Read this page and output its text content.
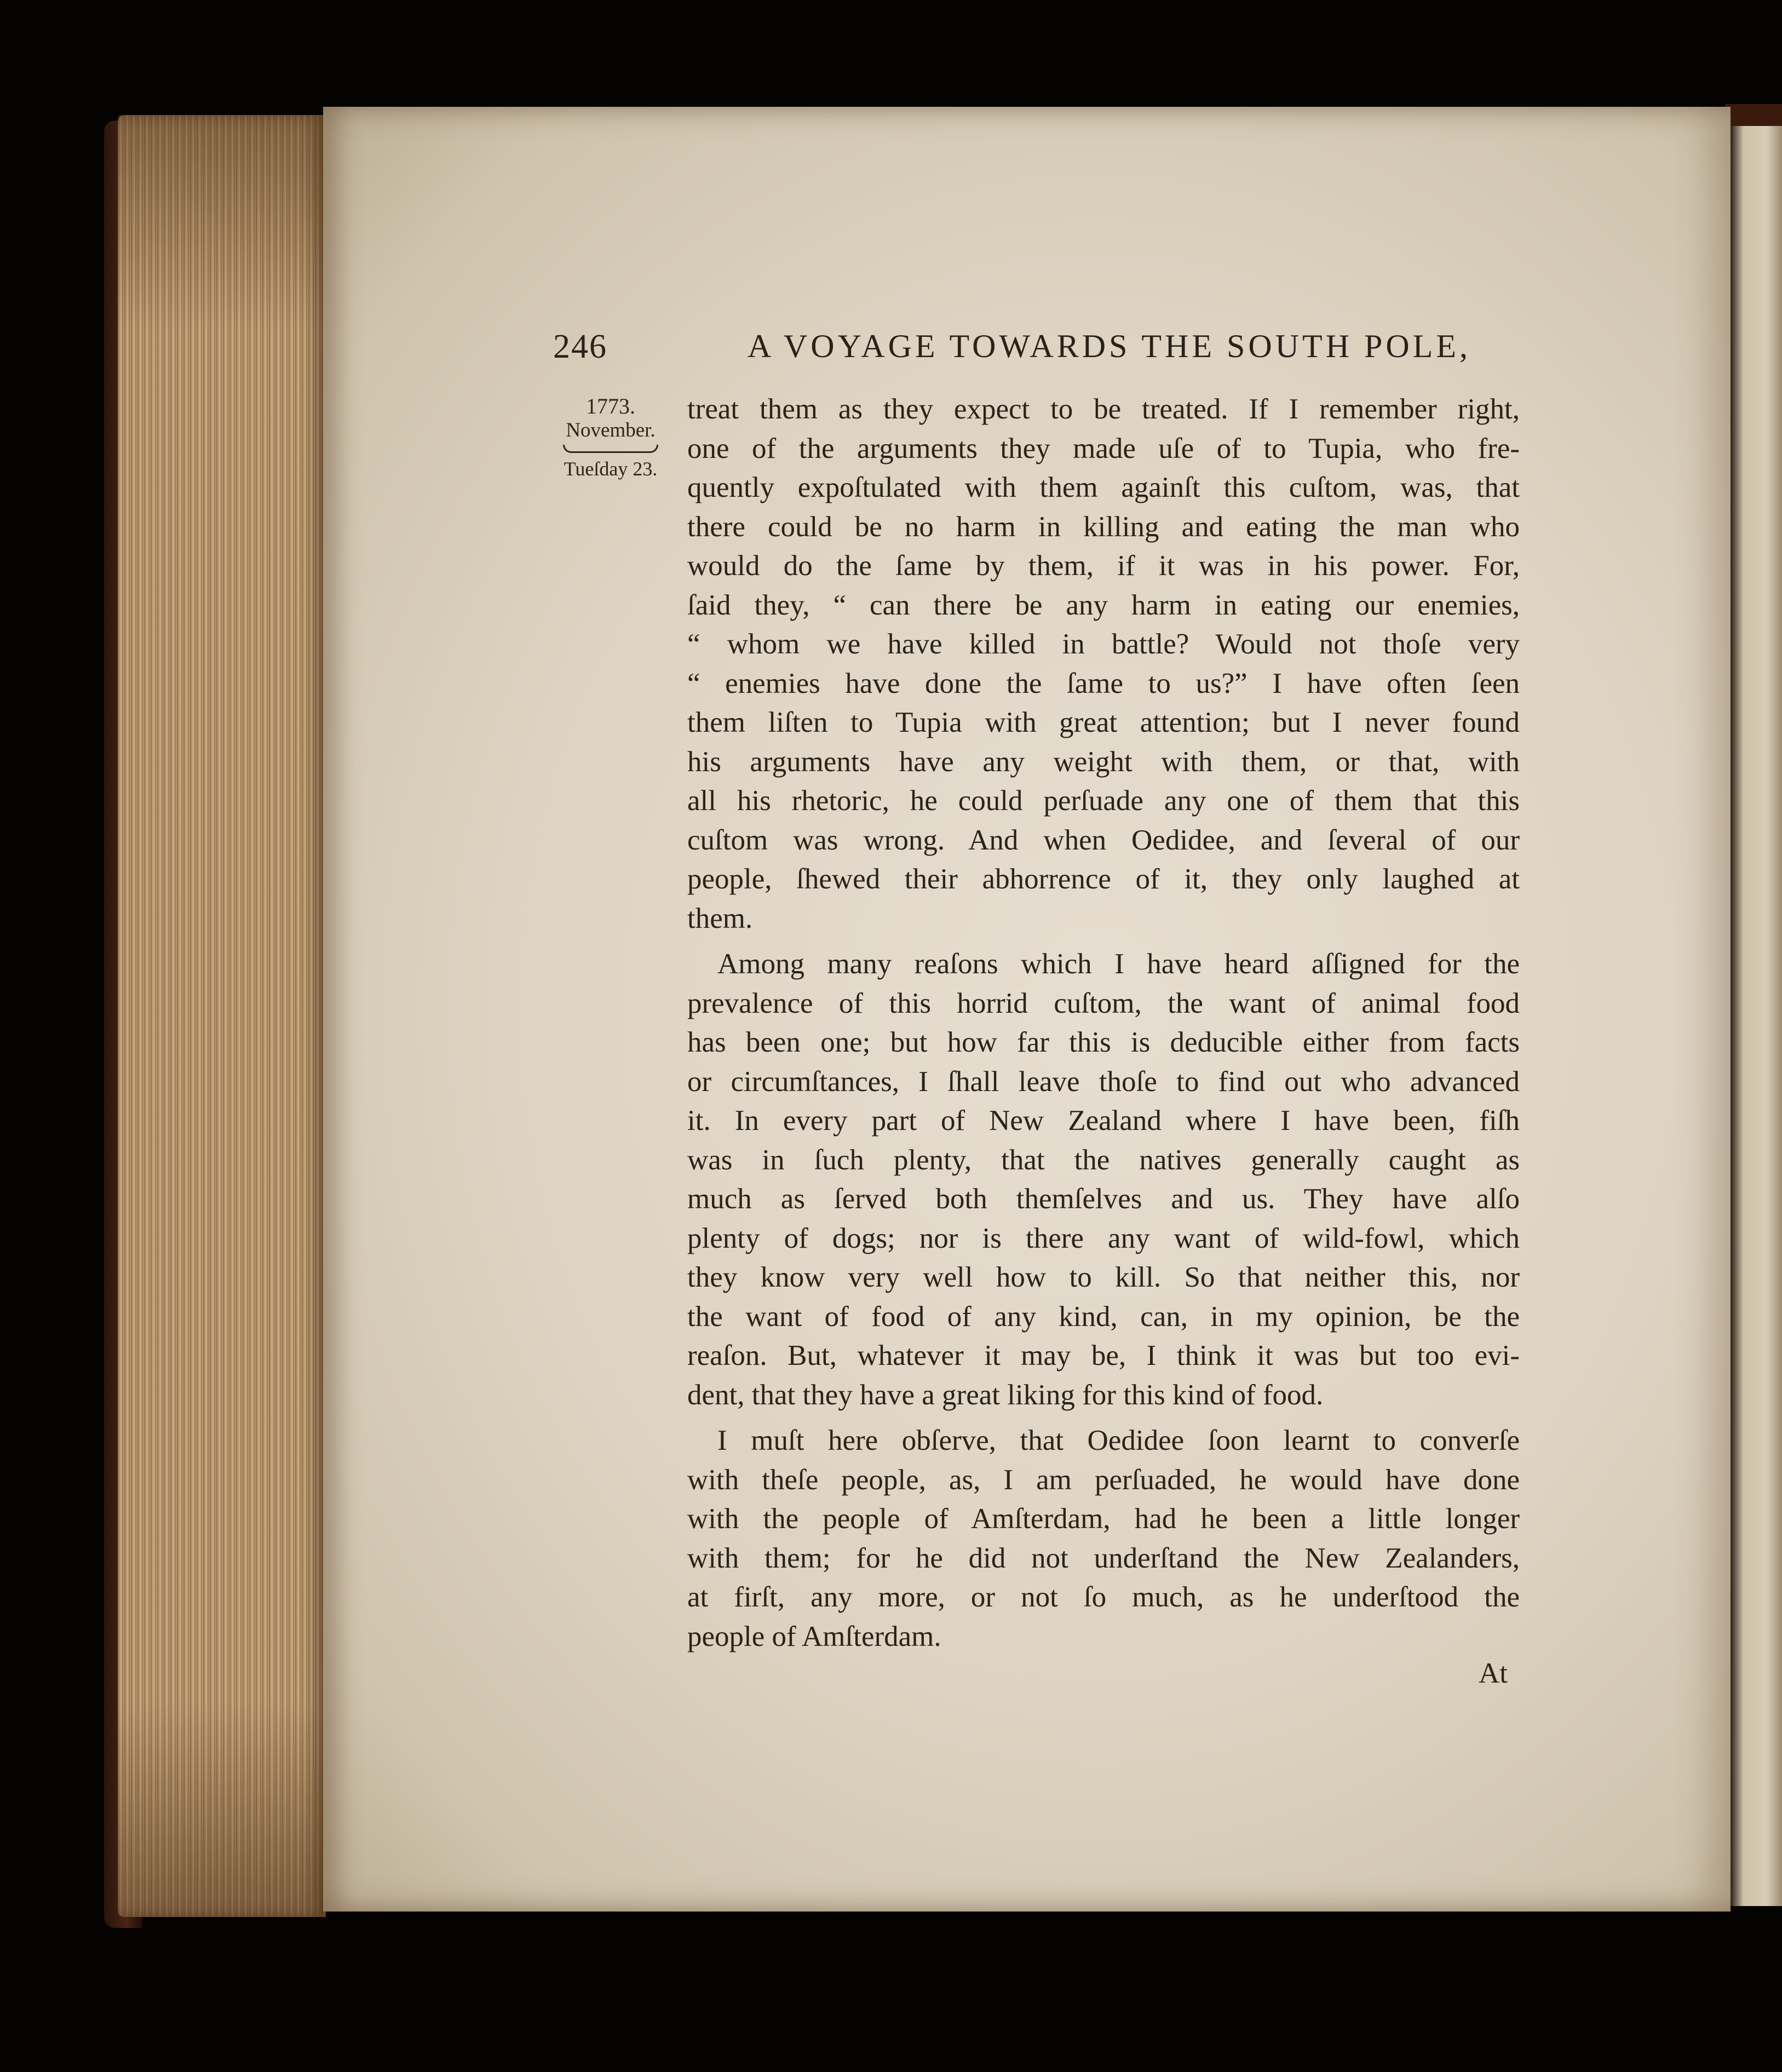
246	A VOYAGE TOWARDS THE SOUTH POLE,
1773.
November.
Tueſday 23.
treat them as they expect to be treated. If I remember right,
one of the arguments they made uſe of to Tupia, who fre-
quently expoſtulated with them againſt this cuſtom, was, that
there could be no harm in killing and eating the man who
would do the ſame by them, if it was in his power. For,
ſaid they, “ can there be any harm in eating our enemies,
“ whom we have killed in battle? Would not thoſe very
“ enemies have done the ſame to us?” I have often ſeen
them liſten to Tupia with great attention; but I never found
his arguments have any weight with them, or that, with
all his rhetoric, he could perſuade any one of them that this
cuſtom was wrong. And when Oedidee, and ſeveral of our
people, ſhewed their abhorrence of it, they only laughed at
them.
Among many reaſons which I have heard aſſigned for the
prevalence of this horrid cuſtom, the want of animal food
has been one; but how far this is deducible either from facts
or circumſtances, I ſhall leave thoſe to find out who advanced
it. In every part of New Zealand where I have been, fiſh
was in ſuch plenty, that the natives generally caught as
much as ſerved both themſelves and us. They have alſo
plenty of dogs; nor is there any want of wild-fowl, which
they know very well how to kill. So that neither this, nor
the want of food of any kind, can, in my opinion, be the
reaſon. But, whatever it may be, I think it was but too evi-
dent, that they have a great liking for this kind of food.
I muſt here obſerve, that Oedidee ſoon learnt to converſe
with theſe people, as, I am perſuaded, he would have done
with the people of Amſterdam, had he been a little longer
with them; for he did not underſtand the New Zealanders,
at firſt, any more, or not ſo much, as he underſtood the
people of Amſterdam.
At
